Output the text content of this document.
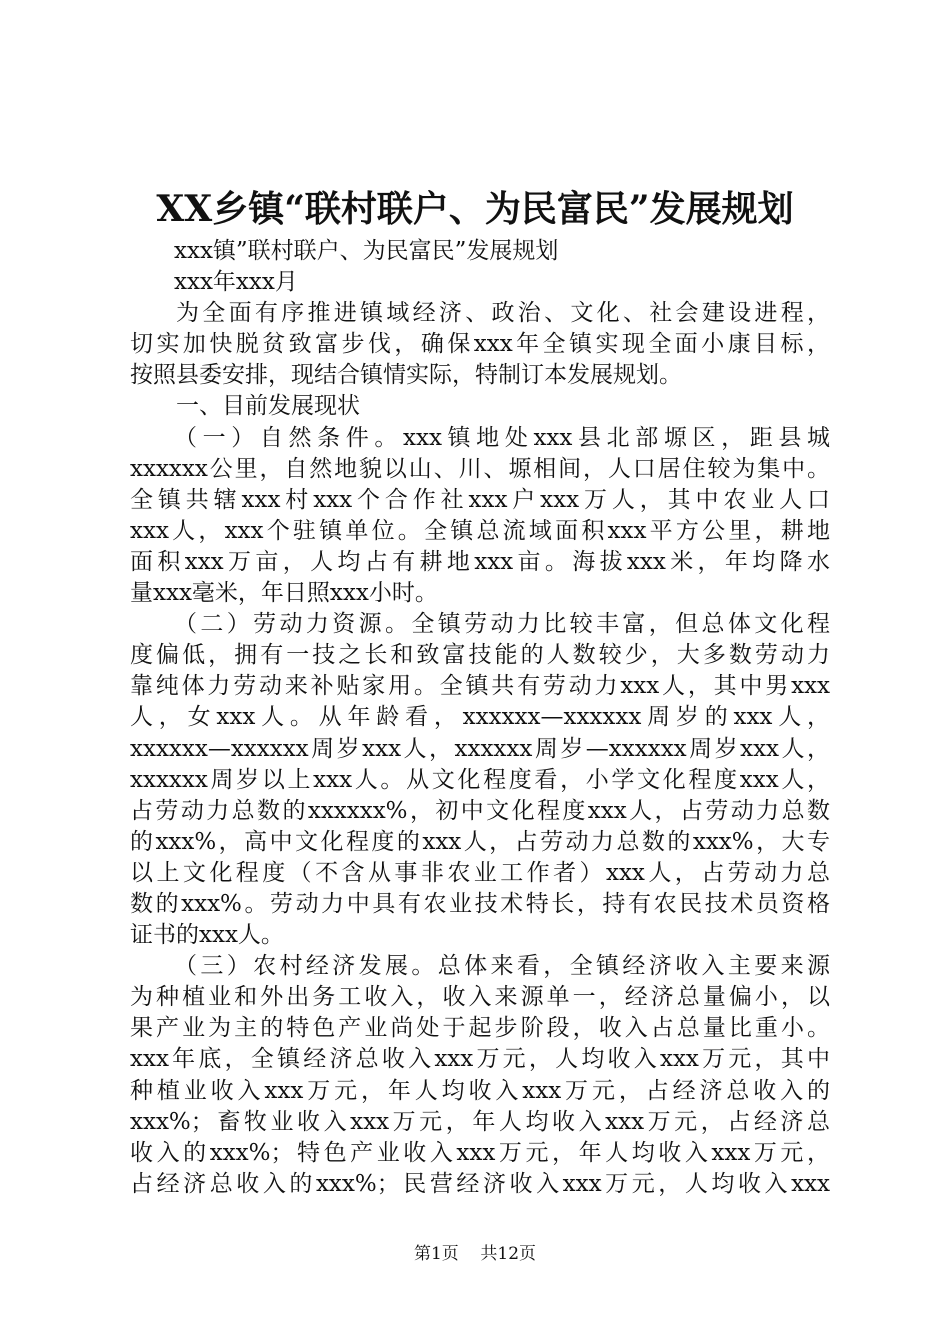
XX乡镇“联村联户、为民富民”发展规划
xxx镇”联村联户、为民富民”发展规划
xxx年xxx月
为全面有序推进镇域经济、政治、文化、社会建设进程，
切实加快脱贫致富步伐，确保xxx年全镇实现全面小康目标，
按照县委安排，现结合镇情实际，特制订本发展规划。
一、目前发展现状
（一）自然条件。xxx镇地处xxx县北部塬区，距县城
xxxxxx公里，自然地貌以山、川、塬相间，人口居住较为集中。
全镇共辖xxx村xxx个合作社xxx户xxx万人，其中农业人口
xxx人，xxx个驻镇单位。全镇总流域面积xxx平方公里，耕地
面积xxx万亩，人均占有耕地xxx亩。海拔xxx米，年均降水
量xxx毫米，年日照xxx小时。
（二）劳动力资源。全镇劳动力比较丰富，但总体文化程
度偏低，拥有一技之长和致富技能的人数较少，大多数劳动力
靠纯体力劳动来补贴家用。全镇共有劳动力xxx人，其中男xxx
人，女xxx人。从年龄看，xxxxxx—xxxxxx周岁的xxx人，
xxxxxx—xxxxxx周岁xxx人，xxxxxx周岁—xxxxxx周岁xxx人，
xxxxxx周岁以上xxx人。从文化程度看，小学文化程度xxx人，
占劳动力总数的xxxxxx%，初中文化程度xxx人，占劳动力总数
的xxx%，高中文化程度的xxx人，占劳动力总数的xxx%，大专
以上文化程度（不含从事非农业工作者）xxx人，占劳动力总
数的xxx%。劳动力中具有农业技术特长，持有农民技术员资格
证书的xxx人。
（三）农村经济发展。总体来看，全镇经济收入主要来源
为种植业和外出务工收入，收入来源单一，经济总量偏小，以
果产业为主的特色产业尚处于起步阶段，收入占总量比重小。
xxx年底，全镇经济总收入xxx万元，人均收入xxx万元，其中
种植业收入xxx万元，年人均收入xxx万元，占经济总收入的
xxx%；畜牧业收入xxx万元，年人均收入xxx万元，占经济总
收入的xxx%；特色产业收入xxx万元，年人均收入xxx万元，
占经济总收入的xxx%；民营经济收入xxx万元，人均收入xxx
第1页 共12页
